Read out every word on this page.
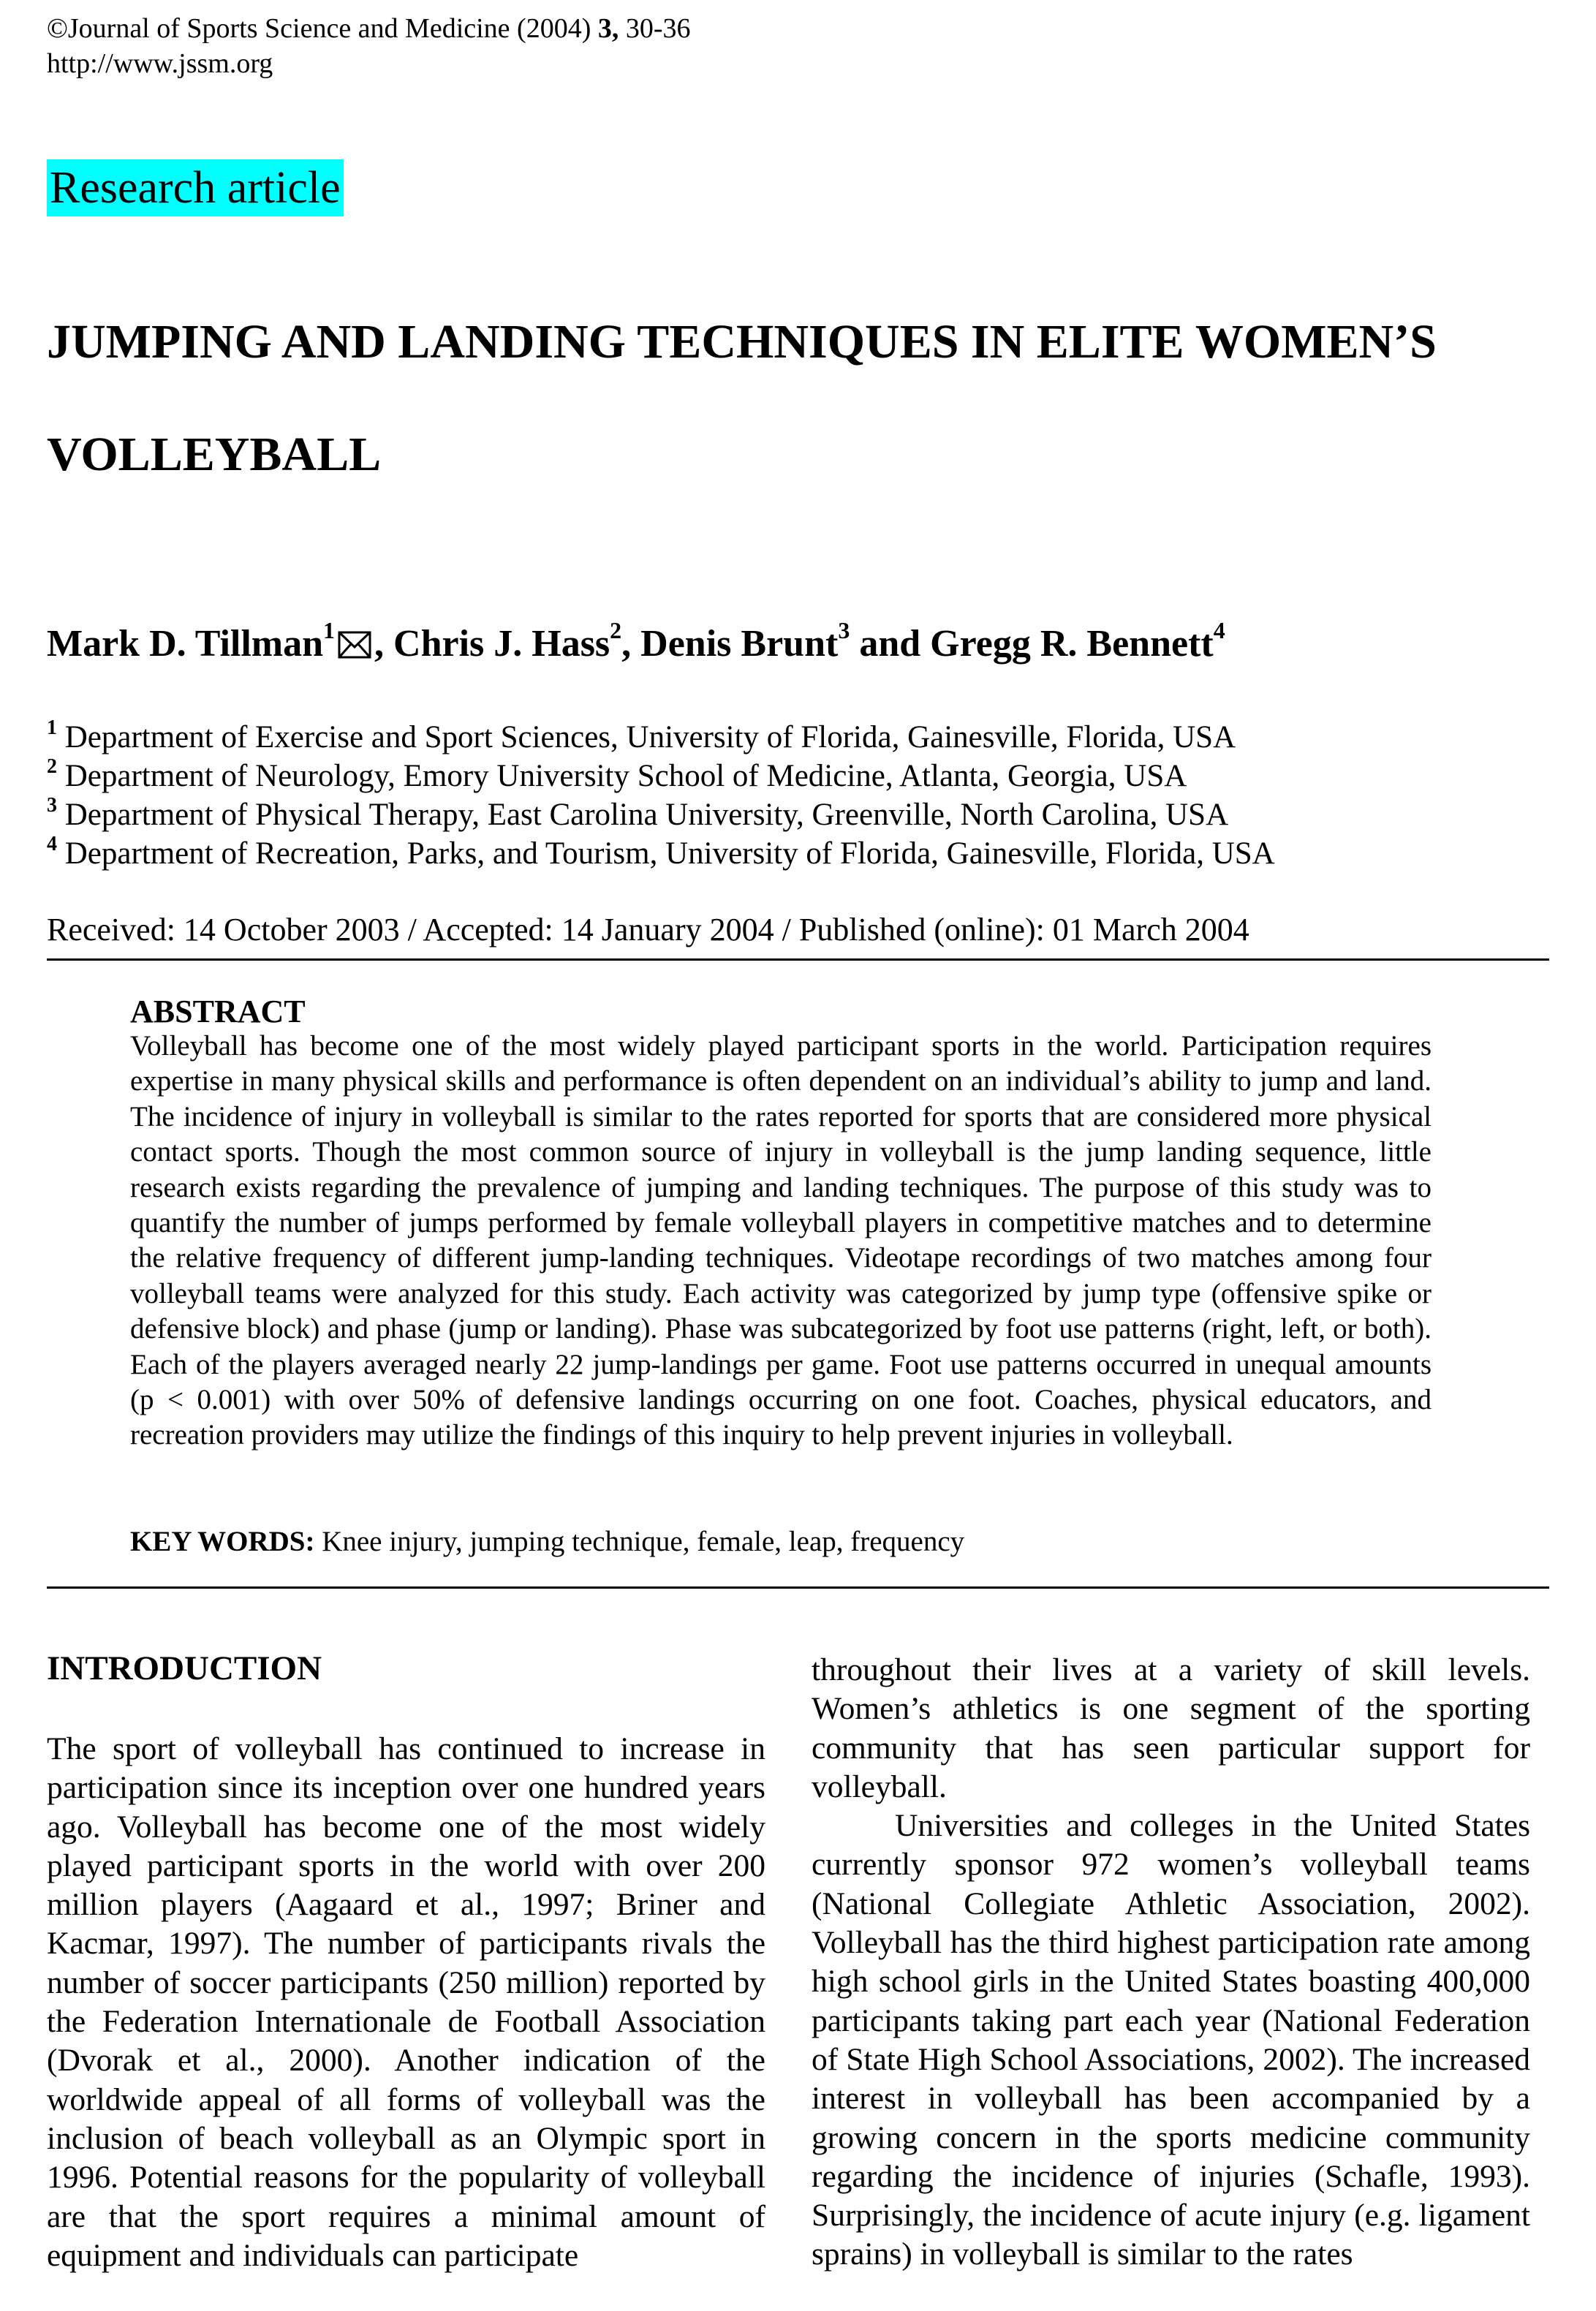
©Journal of Sports Science and Medicine (2004) 3, 30-36
http://www.jssm.org
Research article
JUMPING AND LANDING TECHNIQUES IN ELITE WOMEN’S
VOLLEYBALL
Mark D. Tillman$^1$ , Chris J. Hass$^2$, Denis Brunt$^3$ and Gregg R. Bennett$^4$
$^1$ Department of Exercise and Sport Sciences, University of Florida, Gainesville, Florida, USA
$^2$ Department of Neurology, Emory University School of Medicine, Atlanta, Georgia, USA
$^3$ Department of Physical Therapy, East Carolina University, Greenville, North Carolina, USA
$^4$ Department of Recreation, Parks, and Tourism, University of Florida, Gainesville, Florida, USA
Received: 14 October 2003 / Accepted: 14 January 2004 / Published (online): 01 March 2004
ABSTRACT
Volleyball has become one of the most widely played participant sports in the world. Participation requires expertise in many physical skills and performance is often dependent on an individual’s ability to jump and land. The incidence of injury in volleyball is similar to the rates reported for sports that are considered more physical contact sports. Though the most common source of injury in volleyball is the jump landing sequence, little research exists regarding the prevalence of jumping and landing techniques. The purpose of this study was to quantify the number of jumps performed by female volleyball players in competitive matches and to determine the relative frequency of different jump-landing techniques. Videotape recordings of two matches among four volleyball teams were analyzed for this study. Each activity was categorized by jump type (offensive spike or defensive block) and phase (jump or landing). Phase was subcategorized by foot use patterns (right, left, or both). Each of the players averaged nearly 22 jump-landings per game. Foot use patterns occurred in unequal amounts (p < 0.001) with over 50% of defensive landings occurring on one foot. Coaches, physical educators, and recreation providers may utilize the findings of this inquiry to help prevent injuries in volleyball.
KEY WORDS: Knee injury, jumping technique, female, leap, frequency
INTRODUCTION
The sport of volleyball has continued to increase in participation since its inception over one hundred years ago. Volleyball has become one of the most widely played participant sports in the world with over 200 million players (Aagaard et al., 1997; Briner and Kacmar, 1997). The number of participants rivals the number of soccer participants (250 million) reported by the Federation Internationale de Football Association (Dvorak et al., 2000). Another indication of the worldwide appeal of all forms of volleyball was the inclusion of beach volleyball as an Olympic sport in 1996. Potential reasons for the popularity of volleyball are that the sport requires a minimal amount of equipment and individuals can participate

throughout their lives at a variety of skill levels. Women’s athletics is one segment of the sporting community that has seen particular support for volleyball.

Universities and colleges in the United States currently sponsor 972 women’s volleyball teams (National Collegiate Athletic Association, 2002). Volleyball has the third highest participation rate among high school girls in the United States boasting 400,000 participants taking part each year (National Federation of State High School Associations, 2002). The increased interest in volleyball has been accompanied by a growing concern in the sports medicine community regarding the incidence of injuries (Schafle, 1993). Surprisingly, the incidence of acute injury (e.g. ligament sprains) in volleyball is similar to the rates
